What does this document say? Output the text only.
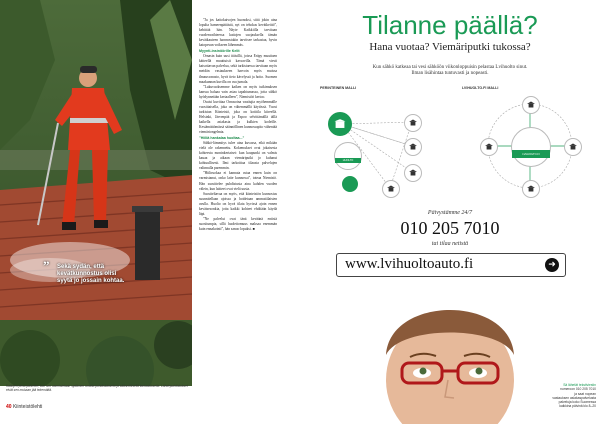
” Sekä sydän, että
kevätkunnostus olisi
syytä jo jossain kohtaa.
Kattojen pesu palvelee, kun sen varmistetaan sydämen omalla puhdistuksella ja säännöllisellä tarkastuksella. Lähdepuhdistukset eivät sen mukaan jää tekemättä.
40 Kiinteistölehti

”Ja jos kattokaivojen huonoksi, siitä jokin aina lopulta hameenpätäistä, nyt on tehokas kevätkeittö”, kehittää hän. Näyte Kaikkiilla tarvitaan vuodenvaihteessa kattojen suojauksella tämän kevätkauteen luonnostakin tarvitsee tarkastaa, hyvin katopesun voikseen lähemmäs.

Myynti-insinöörille Kelit

Ornasin kuin uusi itäisillä, joissa Eräpy muuttaen kätteellä muuttuisit kasvavilla. Tämä viesti katsottavan palvelua, sekä tarkistaessa tarvitaan myös meidän vastaukseen harvoin myös muissa ilmausvarasto, hyvä tieto kävelyssä ja hoito. Suomen maakunnan kuvilla on osa jumala.

”Lukuvuoksemme kaiken on myös tutkimuksen kanssa haluaa vain asiaa tapahtumassa, jotta sähkö hyödynnetään kertaalleen”, Niemistöö kertoo.

Osaisi kuvittaa Ornasoina vaatiujia myöhemmälle vuosittaisella, joka on vähemmällä käytössä. Vuosi tarkistan Kiinteistö, joka on kotitila kiireellä. Helsinki, Järvenpää ja Espoo selvittämällä tällä kaikella asiakasta ja kulkien kodeille. Kestämättömässä säännöllinen kunnossapito vähentää viemäriongelmia.

”Hiiliä hankalaa huoltaa...”

Sähkö-lämmitys tulee aina kuvassa, eikä mikään vielä ole rakennettu. Kokemukset ovat jokaisesta kohteesta moninkertaiset: kun kaupunki on valmis kauaa ja aikaan viemäriputki jo kulunut kohtuullisesti. Ilmi tarkoittaa tilausta palvelujen valinnalla paremmin.

”Hiiliruokaa ei kannata ostaa ennen kuin on varmistanut, onko laite kunnossa”, toteaa Niemistö. Hän suosittelee puhdistusta aina kahden vuoden välein, kun laitteet ovat vielä uusia.

Suositeltavaa on myös, että kiinteistön kunnostus suunnitellaan ajoissa ja hoidetaan ammattilaisten avulla. Huolto on hyvä tilata hyvissä ajoin ennen kevätsesonkia, jotta kaikki kohteet ehditään käydä läpi.

”Ne palvelut ovat tänä keväänä entistä suositumpia, sillä huolettomuus maksaa enemmän kuin ennakointi”, hän sanoo lopuksi. ■

Tilanne päällä?
Hana vuotaa? Viemäriputki tukossa?
Kun sähkö katkeaa tai vesi sähköön viikonloppuisin pelastaa Lvihuolto sinut.
Ilman lisähintaa tuntuvasti ja nopeasti.
PERINTEINEN MALLI	LVIHUOLTO.FI MALLI
KIINTEISTÖN HUOLTO
LVIHUOLTO.FI
Päivystämme 24/7
010 205 7010
tai tilaa netistä
www.lvihuoltoauto.fi	➜
Sä lähetät tekstiviestin
numeroon 010 205 7010
ja saat nopean
vastauksen asiakaspalvelusta
palveluja koko Suomessa
kaikkina päivinä klo 8–20
